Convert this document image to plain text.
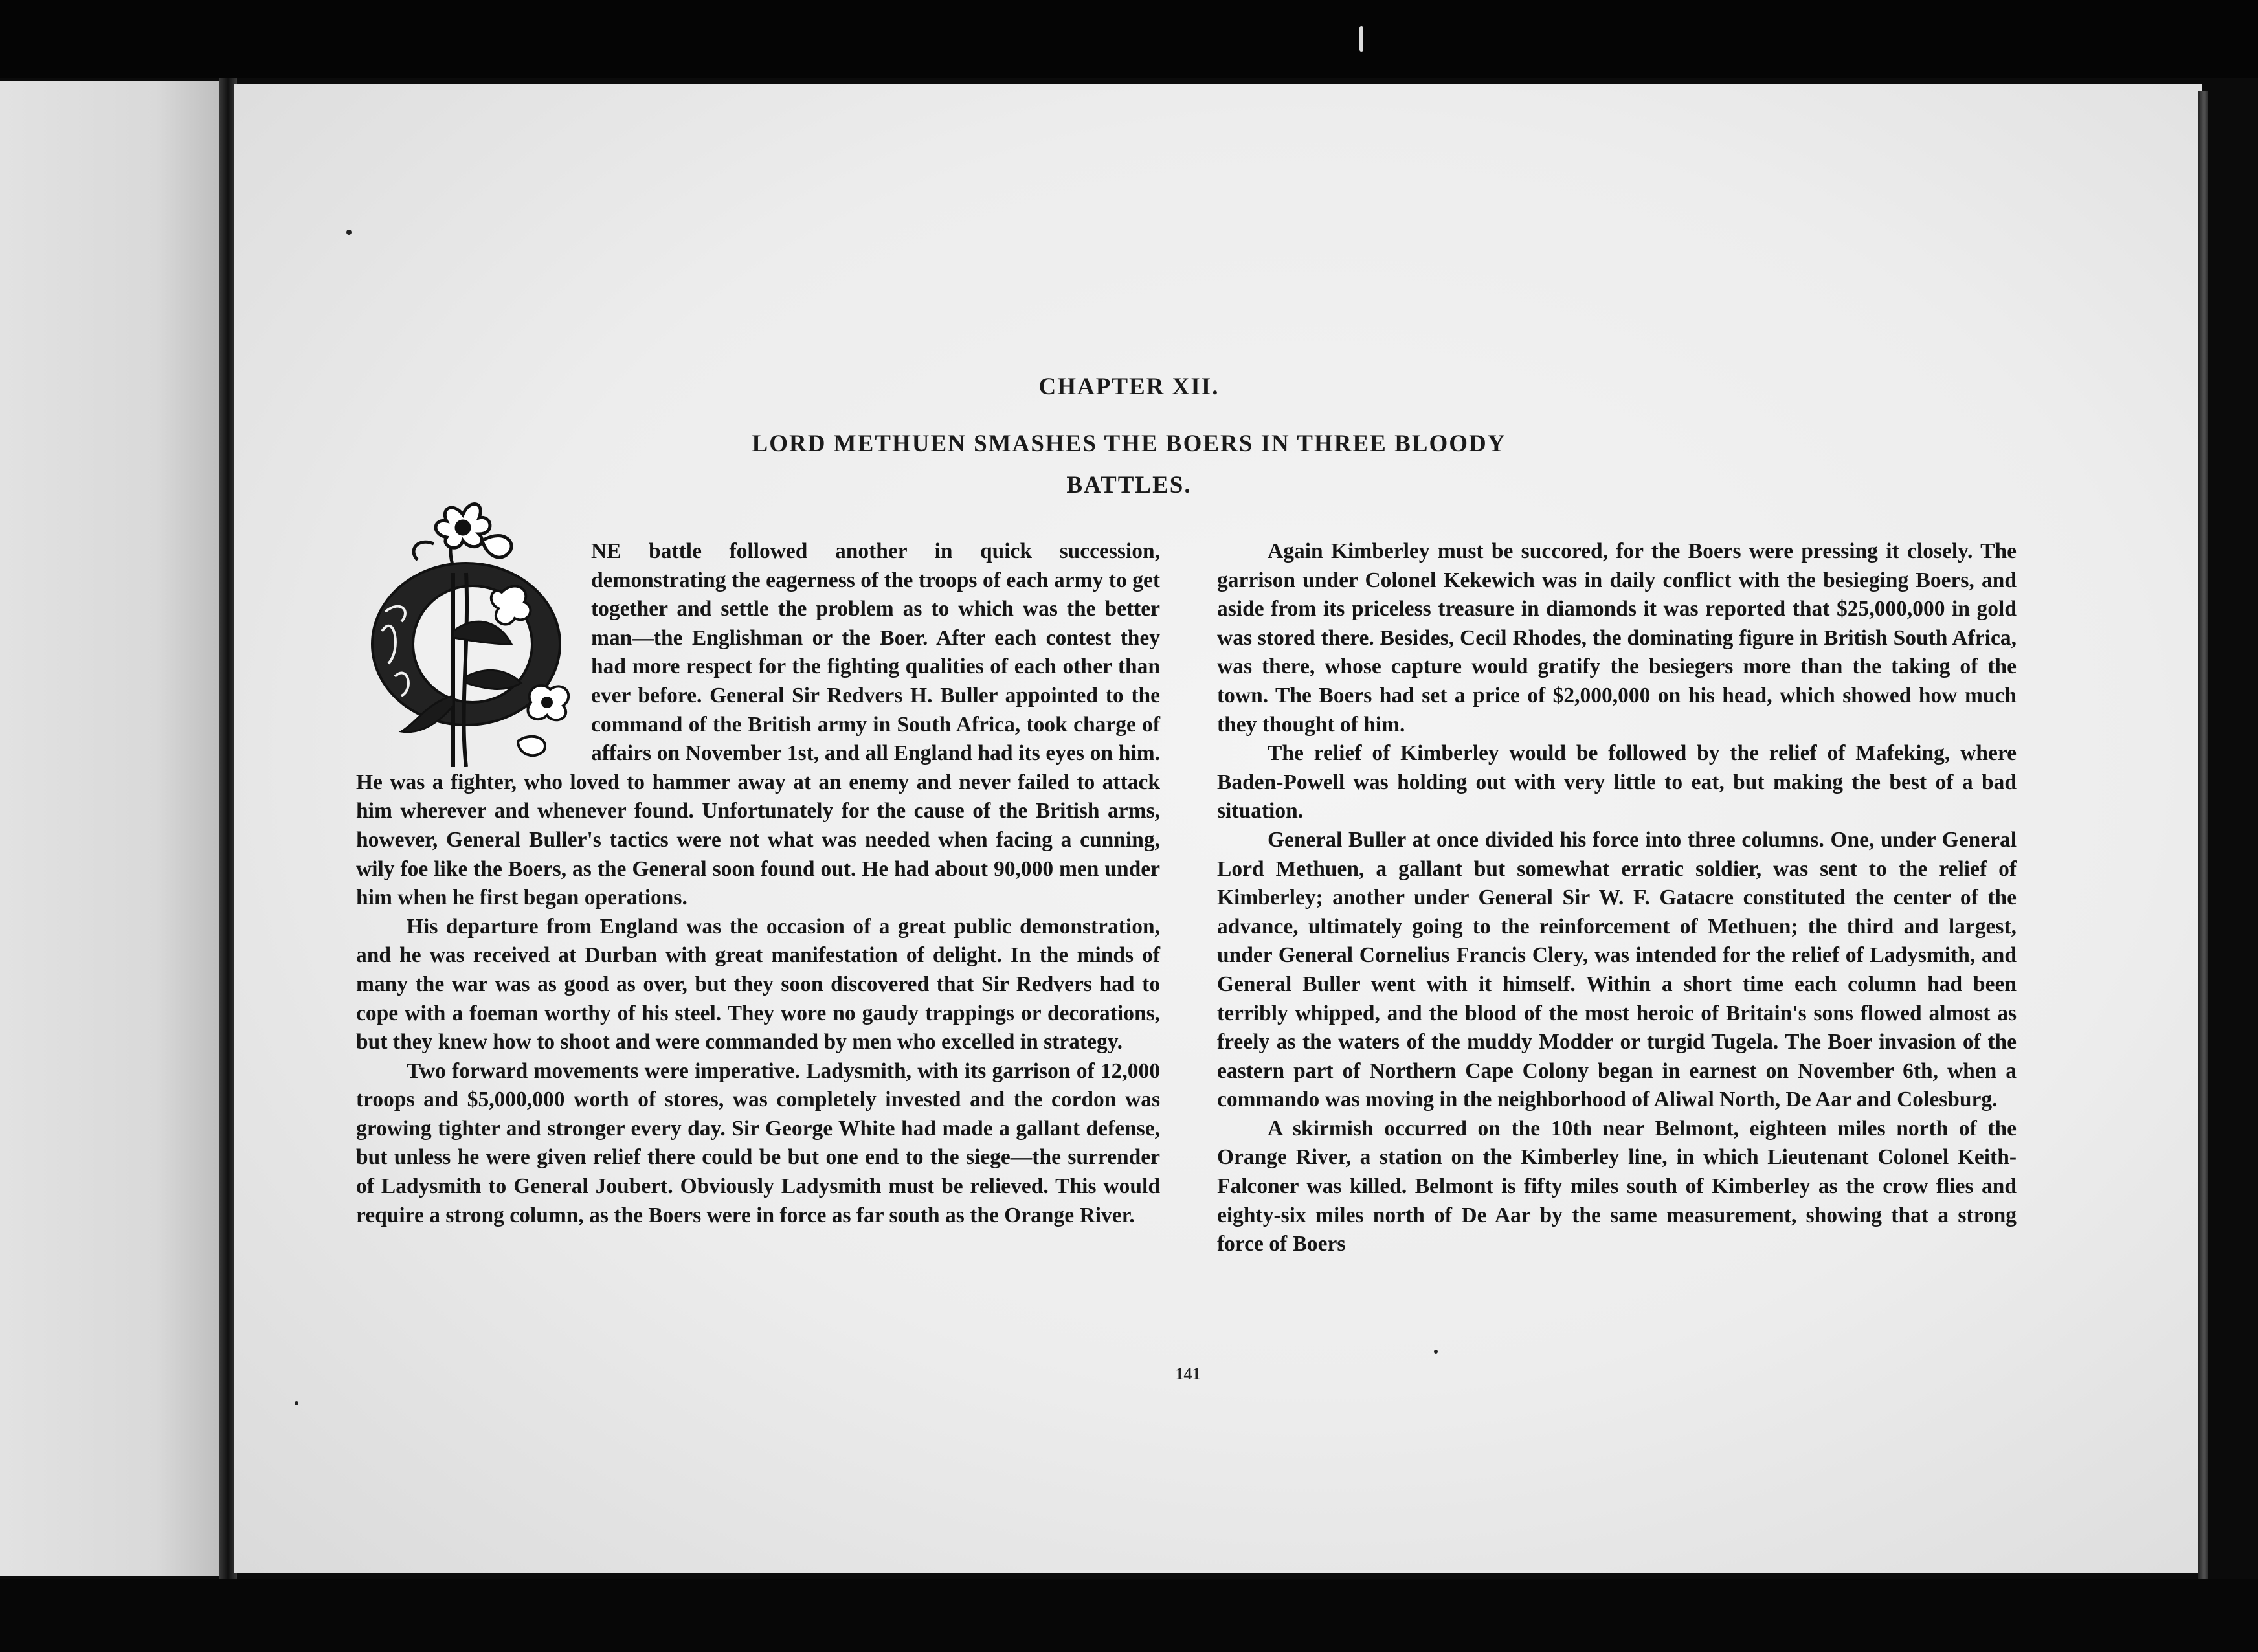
CHAPTER XII.
LORD METHUEN SMASHES THE BOERS IN THREE BLOODY
BATTLES.

NE battle followed another in quick succession, demonstrating the eagerness of the troops of each army to get together and settle the problem as to which was the better man—the Englishman or the Boer. After each contest they had more respect for the fighting qualities of each other than ever before. General Sir Redvers H. Buller appointed to the command of the British army in South Africa, took charge of affairs on November 1st, and all England had its eyes on him. He was a fighter, who loved to hammer away at an enemy and never failed to attack him wherever and whenever found. Unfortunately for the cause of the British arms, however, General Buller's tactics were not what was needed when facing a cunning, wily foe like the Boers, as the General soon found out. He had about 90,000 men under him when he first began operations.

His departure from England was the occasion of a great public demonstration, and he was received at Durban with great manifestation of delight. In the minds of many the war was as good as over, but they soon discovered that Sir Redvers had to cope with a foeman worthy of his steel. They wore no gaudy trappings or decorations, but they knew how to shoot and were commanded by men who excelled in strategy.

Two forward movements were imperative. Ladysmith, with its garrison of 12,000 troops and $5,000,000 worth of stores, was completely invested and the cordon was growing tighter and stronger every day. Sir George White had made a gallant defense, but unless he were given relief there could be but one end to the siege—the surrender of Ladysmith to General Joubert. Obviously Ladysmith must be relieved. This would require a strong column, as the Boers were in force as far south as the Orange River.

Again Kimberley must be succored, for the Boers were pressing it closely. The garrison under Colonel Kekewich was in daily conflict with the besieging Boers, and aside from its priceless treasure in diamonds it was reported that $25,000,000 in gold was stored there. Besides, Cecil Rhodes, the dominating figure in British South Africa, was there, whose capture would gratify the besiegers more than the taking of the town. The Boers had set a price of $2,000,000 on his head, which showed how much they thought of him.

The relief of Kimberley would be followed by the relief of Mafeking, where Baden-Powell was holding out with very little to eat, but making the best of a bad situation.

General Buller at once divided his force into three columns. One, under General Lord Methuen, a gallant but somewhat erratic soldier, was sent to the relief of Kimberley; another under General Sir W. F. Gatacre constituted the center of the advance, ultimately going to the reinforcement of Methuen; the third and largest, under General Cornelius Francis Clery, was intended for the relief of Ladysmith, and General Buller went with it himself. Within a short time each column had been terribly whipped, and the blood of the most heroic of Britain's sons flowed almost as freely as the waters of the muddy Modder or turgid Tugela. The Boer invasion of the eastern part of Northern Cape Colony began in earnest on November 6th, when a commando was moving in the neighborhood of Aliwal North, De Aar and Colesburg.

A skirmish occurred on the 10th near Belmont, eighteen miles north of the Orange River, a station on the Kimberley line, in which Lieutenant Colonel Keith-Falconer was killed. Belmont is fifty miles south of Kimberley as the crow flies and eighty-six miles north of De Aar by the same measurement, showing that a strong force of Boers

141
